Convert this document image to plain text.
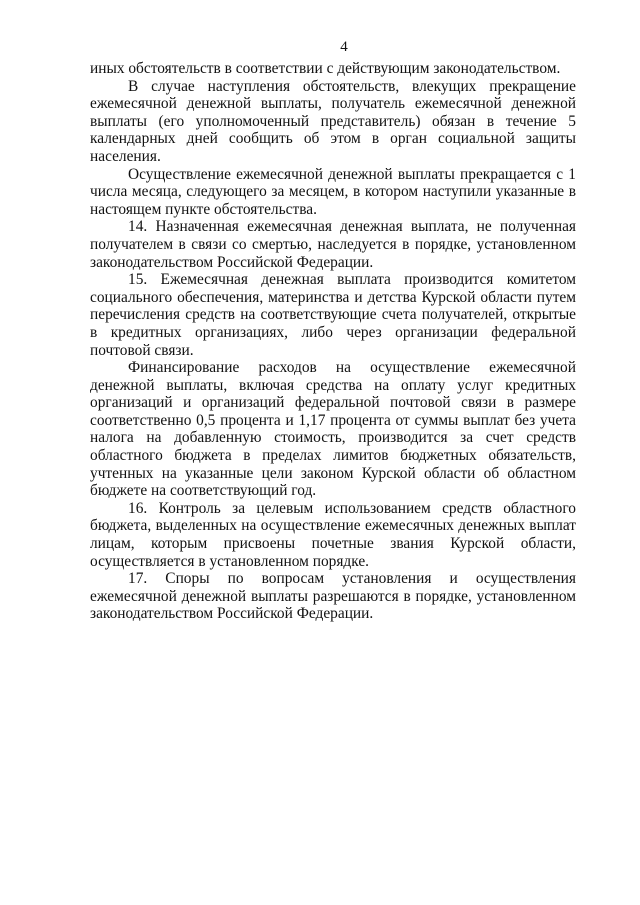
4

иных обстоятельств в соответствии с действующим законодательством.

В случае наступления обстоятельств, влекущих прекращение ежемесячной денежной выплаты, получатель ежемесячной денежной выплаты (его уполномоченный представитель) обязан в течение 5 календарных дней сообщить об этом в орган социальной защиты населения.

Осуществление ежемесячной денежной выплаты прекращается с 1 числа месяца, следующего за месяцем, в котором наступили указанные в настоящем пункте обстоятельства.

14. Назначенная ежемесячная денежная выплата, не полученная получателем в связи со смертью, наследуется в порядке, установленном законодательством Российской Федерации.

15. Ежемесячная денежная выплата производится комитетом социального обеспечения, материнства и детства Курской области путем перечисления средств на соответствующие счета получателей, открытые в кредитных организациях, либо через организации федеральной почтовой связи.

Финансирование расходов на осуществление ежемесячной денежной выплаты, включая средства на оплату услуг кредитных организаций и организаций федеральной почтовой связи в размере соответственно 0,5 процента и 1,17 процента от суммы выплат без учета налога на добавленную стоимость, производится за счет средств областного бюджета в пределах лимитов бюджетных обязательств, учтенных на указанные цели законом Курской области об областном бюджете на соответствующий год.

16. Контроль за целевым использованием средств областного бюджета, выделенных на осуществление ежемесячных денежных выплат лицам, которым присвоены почетные звания Курской области, осуществляется в установленном порядке.

17. Споры по вопросам установления и осуществления ежемесячной денежной выплаты разрешаются в порядке, установленном законодательством Российской Федерации.
